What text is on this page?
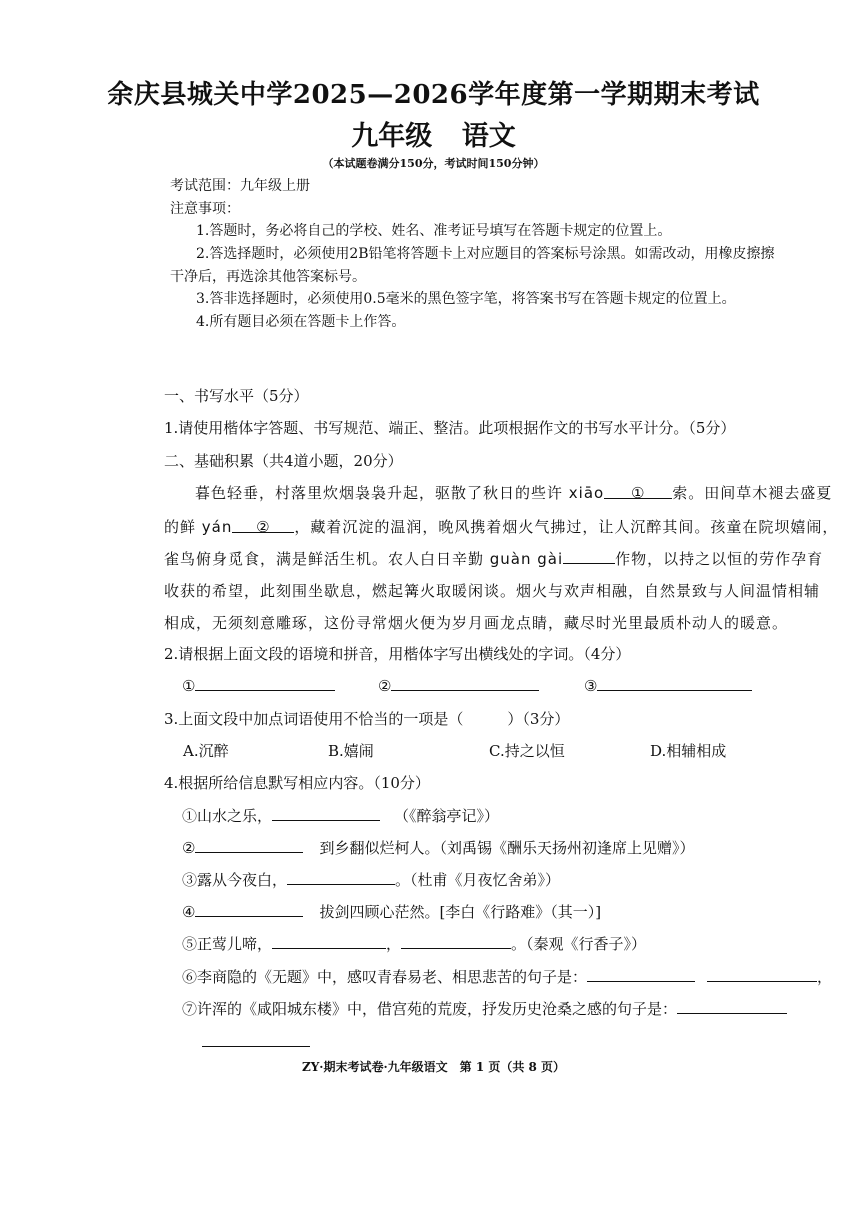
余庆县城关中学2025—2026学年度第一学期期末考试
九年级 语文
（本试题卷满分150分，考试时间150分钟）
考试范围：九年级上册
注意事项：
1.答题时，务必将自己的学校、姓名、准考证号填写在答题卡规定的位置上。
2.答选择题时，必须使用2B铅笔将答题卡上对应题目的答案标号涂黑。如需改动，用橡皮擦擦
干净后，再选涂其他答案标号。
3.答非选择题时，必须使用0.5毫米的黑色签字笔，将答案书写在答题卡规定的位置上。
4.所有题目必须在答题卡上作答。
一、书写水平（5分）
1.请使用楷体字答题、书写规范、端正、整洁。此项根据作文的书写水平计分。（5分）
二、基础积累（共4道小题，20分）
暮色轻垂，村落里炊烟袅袅升起，驱散了秋日的些许 xiāo ① 索。田间草木褪去盛夏
的鲜 yán ② ，藏着沉淀的温润，晚风携着烟火气拂过，让人沉醉其间。孩童在院坝嬉闹，
雀鸟俯身觅食，满是鲜活生机。农人白日辛勤 guàn gài	作物，以持之以恒的劳作孕育
收获的希望，此刻围坐歇息，燃起篝火取暖闲谈。烟火与欢声相融，自然景致与人间温情相辅
相成，无须刻意雕琢，这份寻常烟火便为岁月画龙点睛，藏尽时光里最质朴动人的暖意。
2.请根据上面文段的语境和拼音，用楷体字写出横线处的字词。（4分）
①	②	③
3.上面文段中加点词语使用不恰当的一项是（	）（3分）
A.沉醉	B.嬉闹	C.持之以恒	D.相辅相成
4.根据所给信息默写相应内容。（10分）
①山水之乐，	（《醉翁亭记》）
②	到乡翻似烂柯人。（刘禹锡《酬乐天扬州初逢席上见赠》）
③露从今夜白，	。（杜甫《月夜忆舍弟》）
④	拔剑四顾心茫然。[李白《行路难》（其一）]
⑤正莺儿啼，	，	。（秦观《行香子》）
⑥李商隐的《无题》中，感叹青春易老、相思悲苦的句子是：	，
⑦许浑的《咸阳城东楼》中，借宫苑的荒废，抒发历史沧桑之感的句子是：
ZY·期末考试卷·九年级语文　第 1 页（共 8 页）
